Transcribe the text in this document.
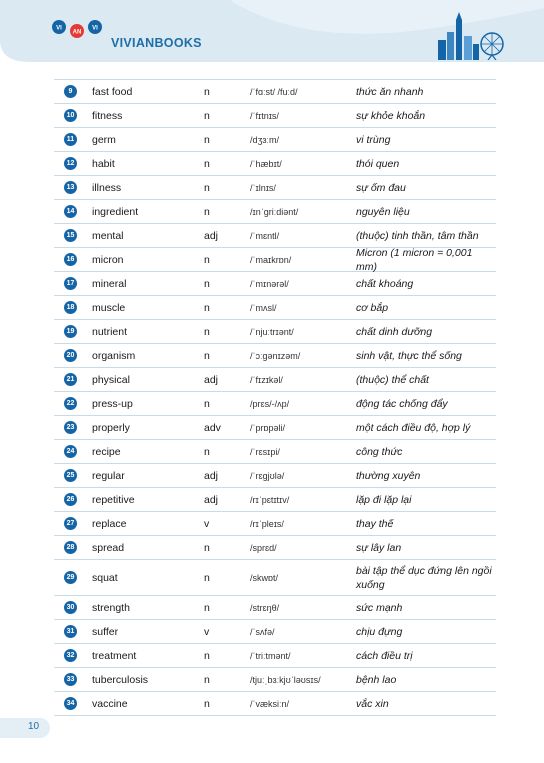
VI
AN
VI
VIVIANBOOKS
9	fast food	n	/ˈfɑːst/ /fuːd/	thức ăn nhanh
10 fitness	n	/ˈfɪtnɪs/	sự khỏe khoắn
11 germ	n	/dʒɜːm/	vi trùng
12 habit	n	/ˈhæbɪt/	thói quen
13 illness	n	/ˈɪlnɪs/	sự ốm đau
14 ingredient	n	/ɪnˈgriːdiənt/	nguyên liệu
15 mental	adj	/ˈmɛntl/	(thuộc) tinh thần, tâm thần
16 micron	n	/ˈmaɪkrɒn/
Micron (1 micron = 0,001 mm)
17 mineral	n	/ˈmɪnərəl/	chất khoáng
18 muscle	n	/ˈmʌsl/	cơ bắp
19 nutrient	n	/ˈnjuːtrɪənt/	chất dinh dưỡng
20 organism	n	/ˈɔːgənɪzəm/	sinh vật, thực thể sống
21 physical	adj	/ˈfɪzɪkəl/	(thuộc) thể chất
22 press-up	n	/prɛs/-/ʌp/	động tác chống đẩy
23 properly	adv	/ˈprɒpəli/	một cách điều độ, hợp lý
24 recipe	n	/ˈrɛsɪpi/	công thức
25 regular	adj	/ˈrɛgjʊlə/	thường xuyên
26 repetitive	adj	/rɪˈpɛtɪtɪv/	lặp đi lặp lại
27 replace	v	/rɪˈpleɪs/	thay thế
28 spread	n	/sprɛd/	sự lây lan
29 squat	n	/skwɒt/
bài tập thể dục đứng lên ngồi xuống
30 strength	n	/strɛŋθ/	sức mạnh
31 suffer	v	/ˈsʌfə/	chịu đựng
32 treatment	n	/ˈtriːtmənt/	cách điều trị
33 tuberculosis	n	/tjuːˌbɜːkjʊˈləʊsɪs/	bệnh lao
34 vaccine	n	/ˈvæksiːn/	vắc xin
10
